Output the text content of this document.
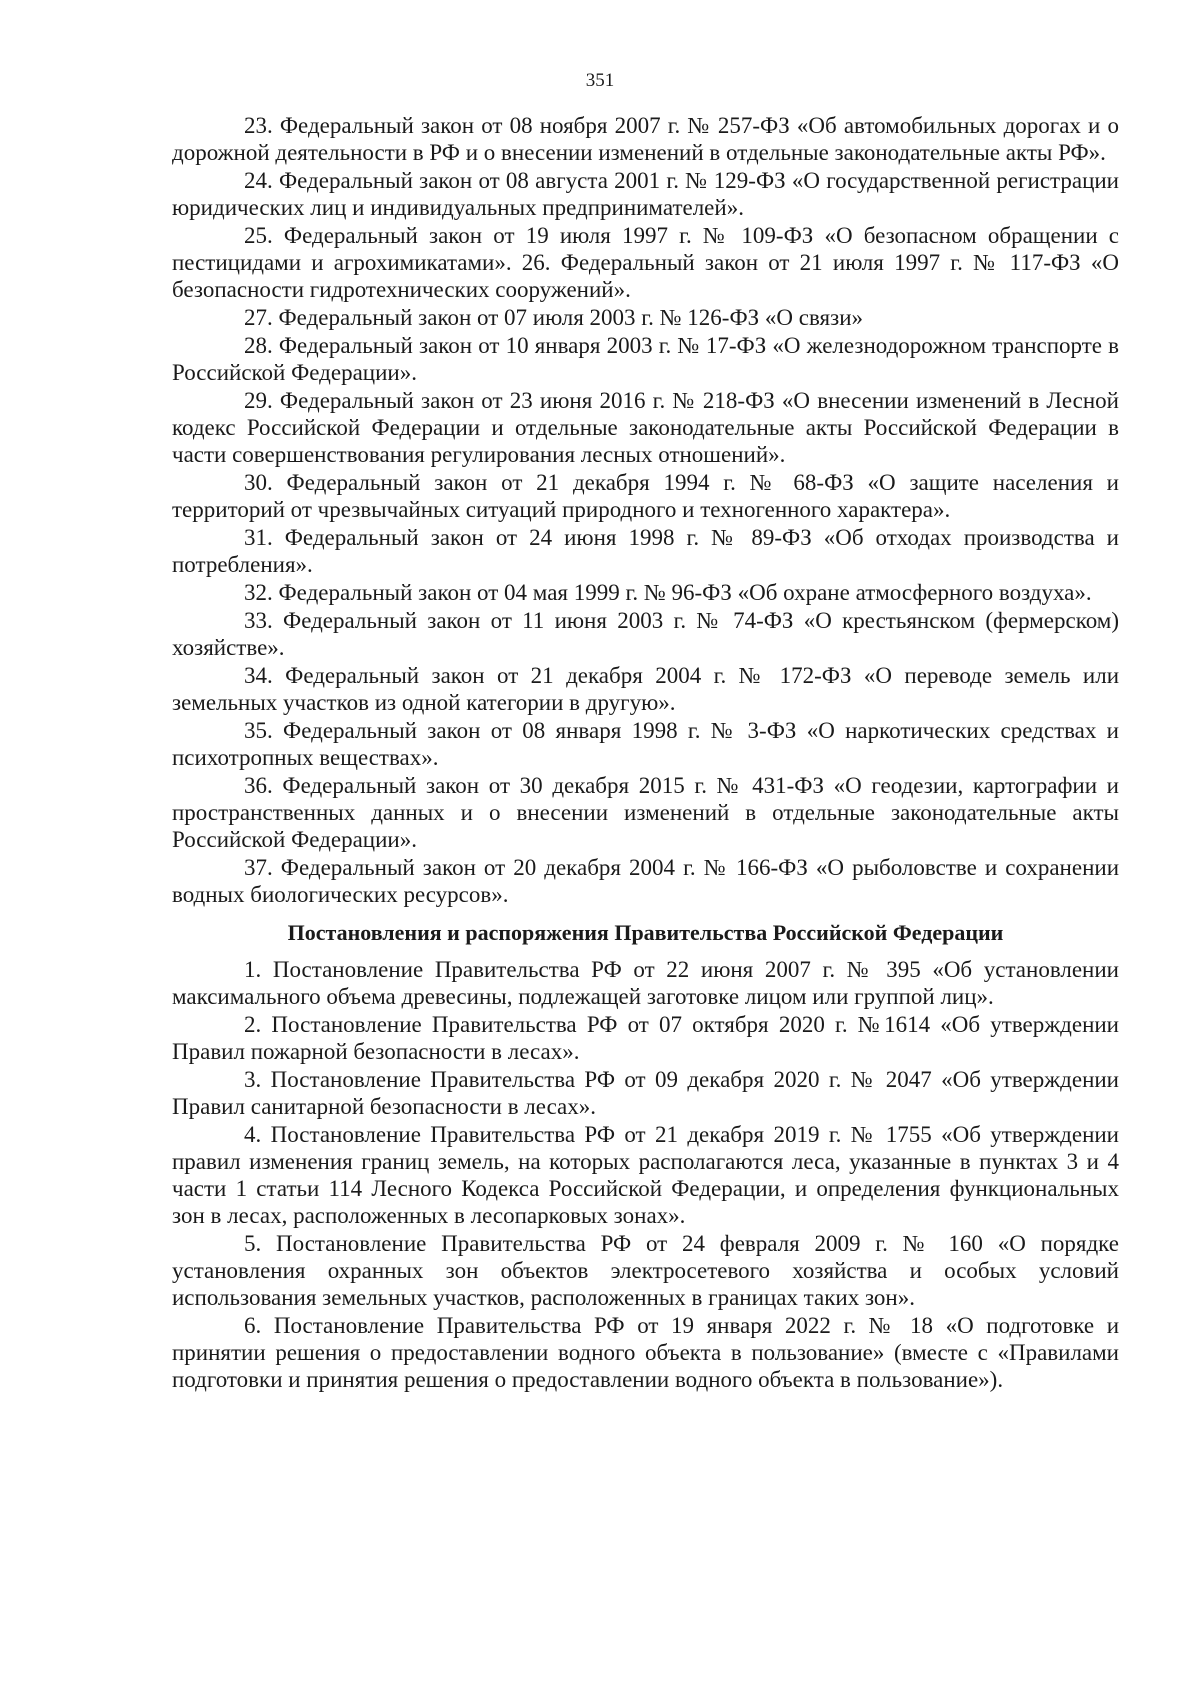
351

23. Федеральный закон от 08 ноября 2007 г. № 257-ФЗ «Об автомобильных дорогах и о дорожной деятельности в РФ и о внесении изменений в отдельные законодательные акты РФ».

24. Федеральный закон от 08 августа 2001 г. № 129-ФЗ «О государственной регистрации юридических лиц и индивидуальных предпринимателей».

25. Федеральный закон от 19 июля 1997 г. № 109-ФЗ «О безопасном обращении с пестицидами и агрохимикатами». 26. Федеральный закон от 21 июля 1997 г. № 117-ФЗ «О безопасности гидротехнических сооружений».

27. Федеральный закон от 07 июля 2003 г. № 126-ФЗ «О связи»

28. Федеральный закон от 10 января 2003 г. № 17-ФЗ «О железнодорожном транспорте в Российской Федерации».

29. Федеральный закон от 23 июня 2016 г. № 218-ФЗ «О внесении изменений в Лесной кодекс Российской Федерации и отдельные законодательные акты Российской Федерации в части совершенствования регулирования лесных отношений».

30. Федеральный закон от 21 декабря 1994 г. № 68-ФЗ «О защите населения и территорий от чрезвычайных ситуаций природного и техногенного характера».

31. Федеральный закон от 24 июня 1998 г. № 89-ФЗ «Об отходах производства и потребления».

32. Федеральный закон от 04 мая 1999 г. № 96-ФЗ «Об охране атмосферного воздуха».

33. Федеральный закон от 11 июня 2003 г. № 74-ФЗ «О крестьянском (фермерском) хозяйстве».

34. Федеральный закон от 21 декабря 2004 г. № 172-ФЗ «О переводе земель или земельных участков из одной категории в другую».

35. Федеральный закон от 08 января 1998 г. № 3-ФЗ «О наркотических средствах и психотропных веществах».

36. Федеральный закон от 30 декабря 2015 г. № 431-ФЗ «О геодезии, картографии и пространственных данных и о внесении изменений в отдельные законодательные акты Российской Федерации».

37. Федеральный закон от 20 декабря 2004 г. № 166-ФЗ «О рыболовстве и сохранении водных биологических ресурсов».

Постановления и распоряжения Правительства Российской Федерации

1. Постановление Правительства РФ от 22 июня 2007 г. № 395 «Об установлении максимального объема древесины, подлежащей заготовке лицом или группой лиц».

2. Постановление Правительства РФ от 07 октября 2020 г. №1614 «Об утверждении Правил пожарной безопасности в лесах».

3. Постановление Правительства РФ от 09 декабря 2020 г. № 2047 «Об утверждении Правил санитарной безопасности в лесах».

4. Постановление Правительства РФ от 21 декабря 2019 г. № 1755 «Об утверждении правил изменения границ земель, на которых располагаются леса, указанные в пунктах 3 и 4 части 1 статьи 114 Лесного Кодекса Российской Федерации, и определения функциональных зон в лесах, расположенных в лесопарковых зонах».

5. Постановление Правительства РФ от 24 февраля 2009 г. № 160 «О порядке установления охранных зон объектов электросетевого хозяйства и особых условий использования земельных участков, расположенных в границах таких зон».

6. Постановление Правительства РФ от 19 января 2022 г. № 18 «О подготовке и принятии решения о предоставлении водного объекта в пользование» (вместе с «Правилами подготовки и принятия решения о предоставлении водного объекта в пользование»).
